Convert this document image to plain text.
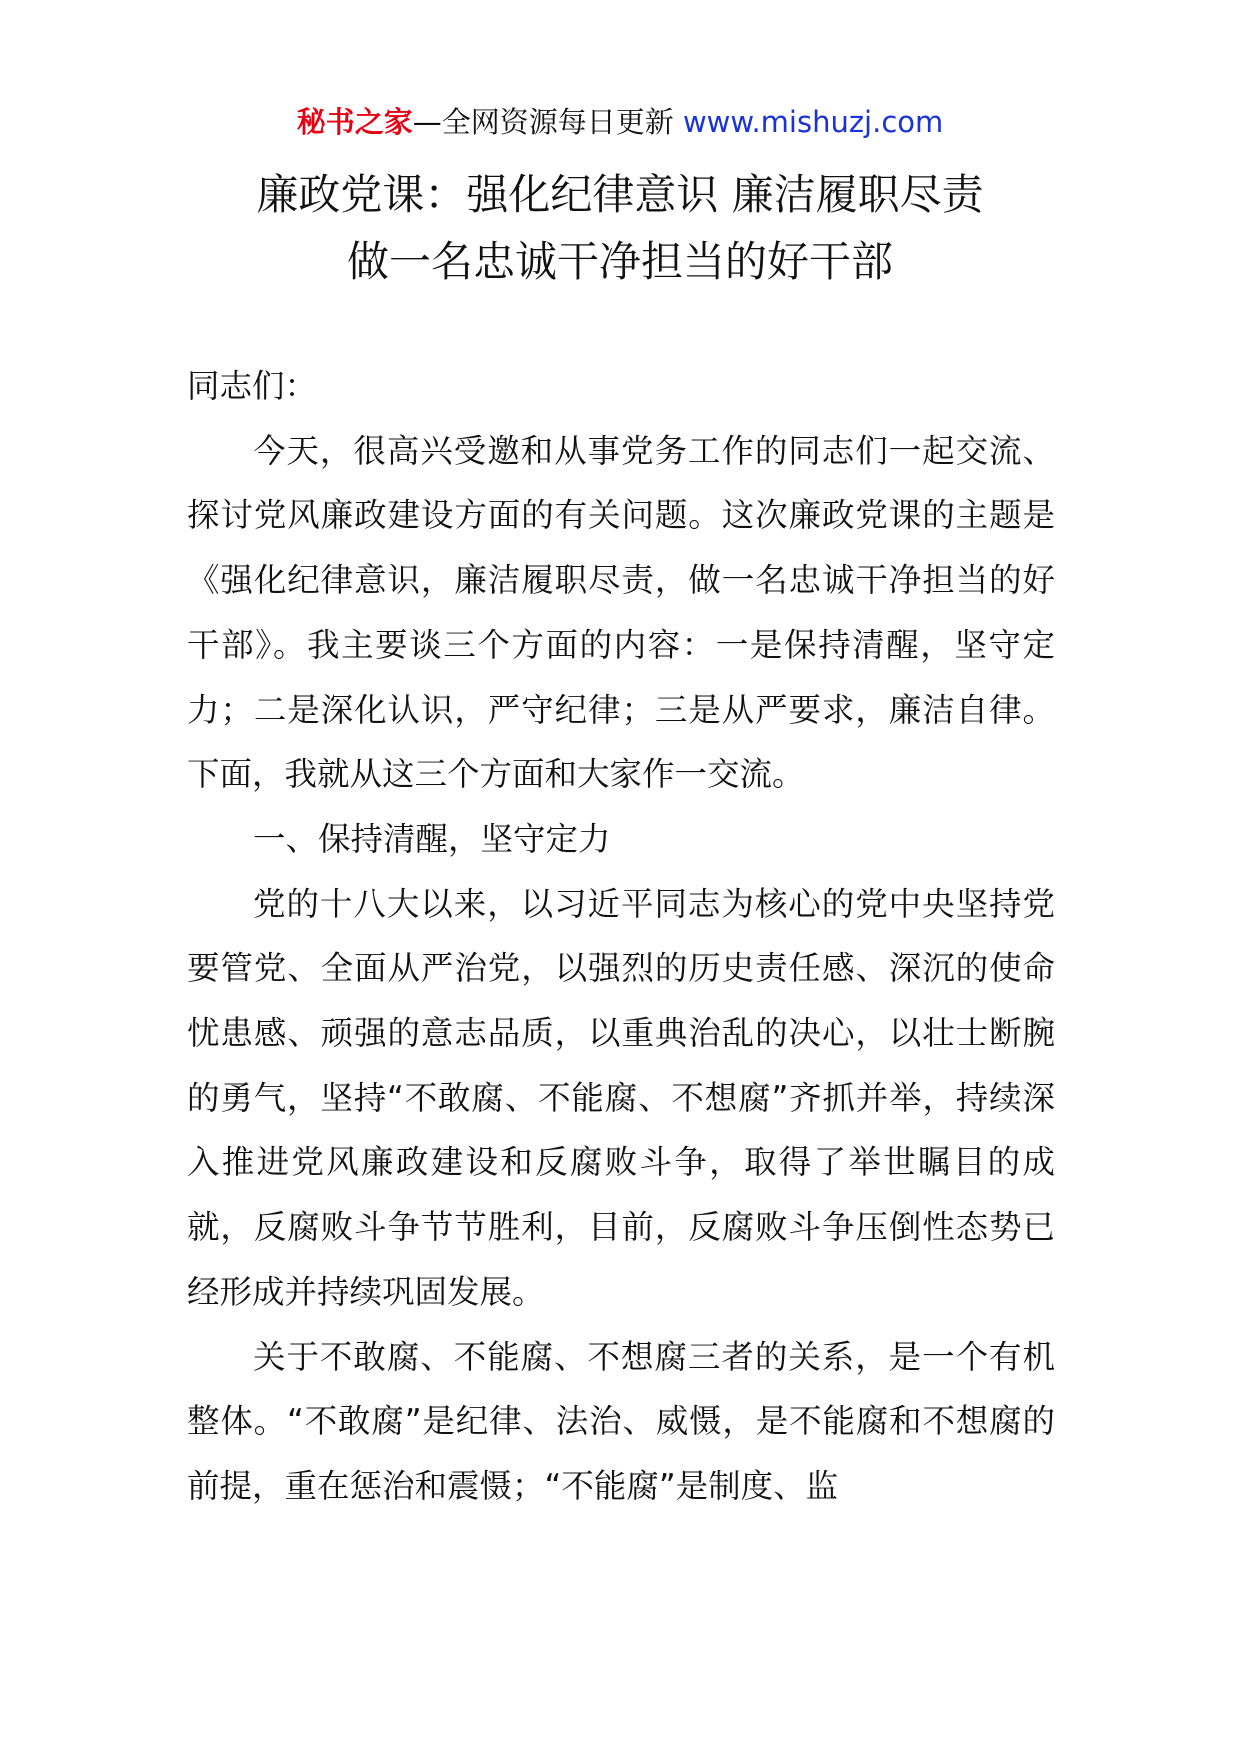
秘书之家—全网资源每日更新 www.mishuzj.com
廉政党课：强化纪律意识 廉洁履职尽责
做一名忠诚干净担当的好干部

同志们：

今天，很高兴受邀和从事党务工作的同志们一起交流、探讨党风廉政建设方面的有关问题。这次廉政党课的主题是《强化纪律意识，廉洁履职尽责，做一名忠诚干净担当的好干部》。我主要谈三个方面的内容：一是保持清醒，坚守定力；二是深化认识，严守纪律；三是从严要求，廉洁自律。下面，我就从这三个方面和大家作一交流。

一、保持清醒，坚守定力

党的十八大以来，以习近平同志为核心的党中央坚持党要管党、全面从严治党，以强烈的历史责任感、深沉的使命忧患感、顽强的意志品质，以重典治乱的决心，以壮士断腕的勇气，坚持“不敢腐、不能腐、不想腐”齐抓并举，持续深入推进党风廉政建设和反腐败斗争，取得了举世瞩目的成就，反腐败斗争节节胜利，目前，反腐败斗争压倒性态势已经形成并持续巩固发展。

关于不敢腐、不能腐、不想腐三者的关系，是一个有机整体。“不敢腐”是纪律、法治、威慑，是不能腐和不想腐的前提，重在惩治和震慑；“不能腐”是制度、监
